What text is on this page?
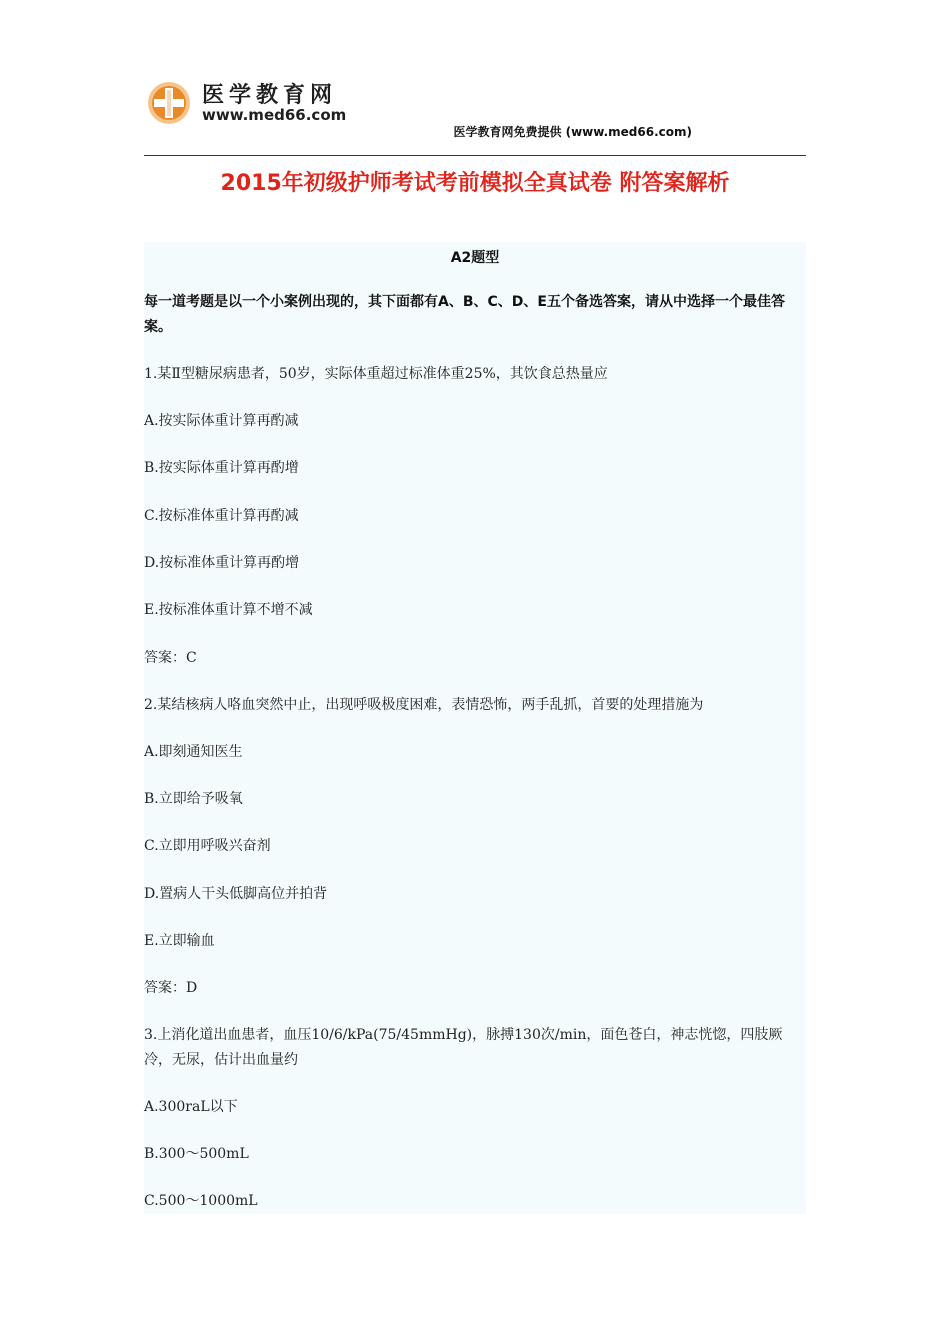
医学教育网
www.med66.com
医学教育网免费提供 (www.med66.com)
2015年初级护师考试考前模拟全真试卷 附答案解析
A2题型
每一道考题是以一个小案例出现的，其下面都有A、B、C、D、E五个备选答案，请从中选择一个最佳答案。
1.某Ⅱ型糖尿病患者，50岁，实际体重超过标准体重25%，其饮食总热量应
A.按实际体重计算再酌减
B.按实际体重计算再酌增
C.按标准体重计算再酌减
D.按标准体重计算再酌增
E.按标准体重计算不增不减
答案：C
2.某结核病人咯血突然中止，出现呼吸极度困难，表情恐怖，两手乱抓，首要的处理措施为
A.即刻通知医生
B.立即给予吸氧
C.立即用呼吸兴奋剂
D.置病人干头低脚高位并拍背
E.立即输血
答案：D
3.上消化道出血患者，血压10/6/kPa(75/45mmHg)，脉搏130次/min，面色苍白，神志恍惚，四肢厥冷，无尿，估计出血量约
A.300raL以下
B.300～500mL
C.500～1000mL
